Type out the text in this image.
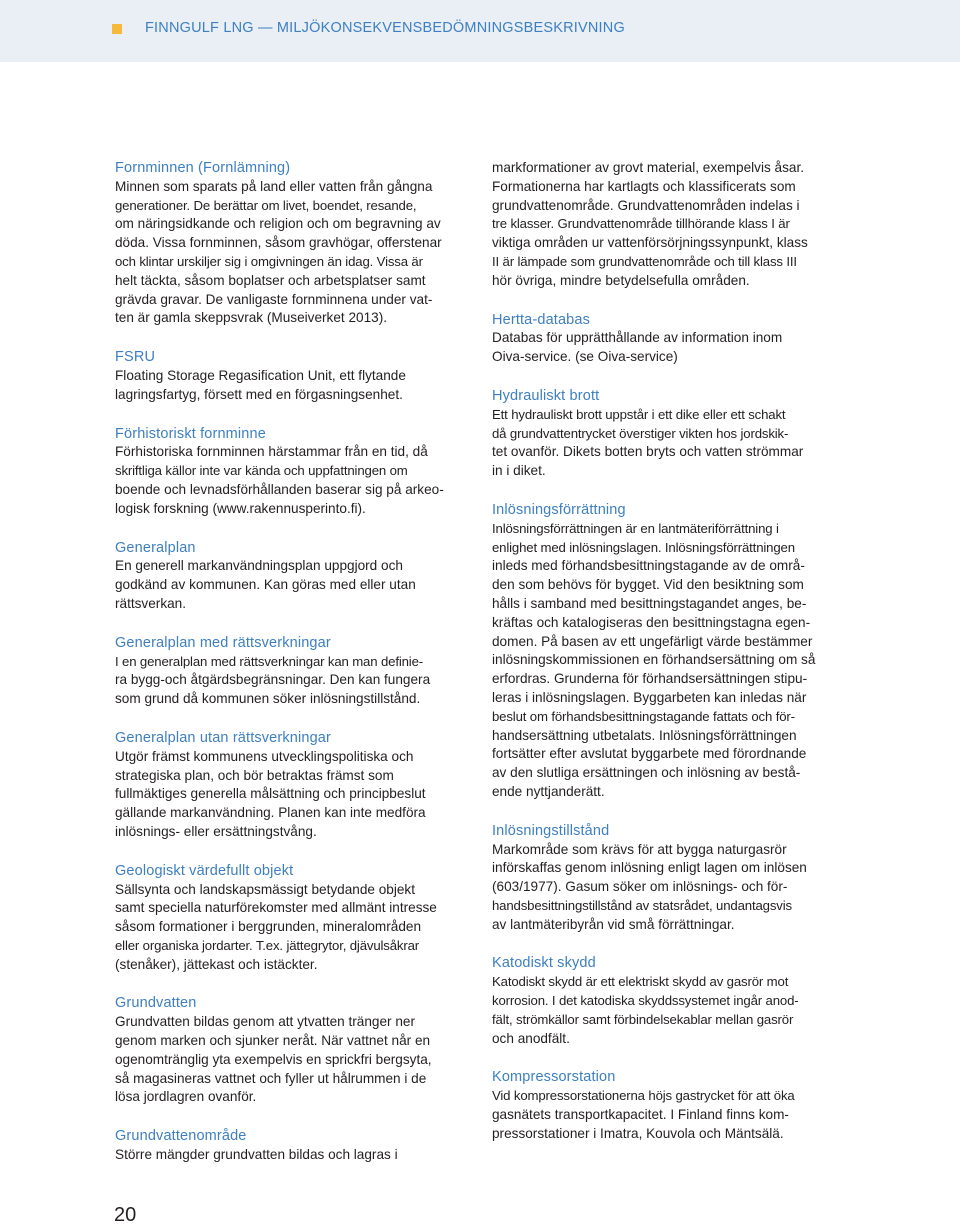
FINNGULF LNG — MILJÖKONSEKVENSBEDÖMNINGSBESKRIVNING
Fornminnen (Fornlämning)
Minnen som sparats på land eller vatten från gångna
generationer. De berättar om livet, boendet, resande,
om näringsidkande och religion och om begravning av
döda. Vissa fornminnen, såsom gravhögar, offerstenar
och klintar urskiljer sig i omgivningen än idag. Vissa är
helt täckta, såsom boplatser och arbetsplatser samt
grävda gravar. De vanligaste fornminnena under vat-
ten är gamla skeppsvrak (Museiverket 2013).
FSRU
Floating Storage Regasification Unit, ett flytande
lagringsfartyg, försett med en förgasningsenhet.
Förhistoriskt fornminne
Förhistoriska fornminnen härstammar från en tid, då
skriftliga källor inte var kända och uppfattningen om
boende och levnadsförhållanden baserar sig på arkeo-
logisk forskning (www.rakennusperinto.fi).
Generalplan
En generell markanvändningsplan uppgjord och
godkänd av kommunen. Kan göras med eller utan
rättsverkan.
Generalplan med rättsverkningar
I en generalplan med rättsverkningar kan man definie-
ra bygg-och åtgärdsbegränsningar. Den kan fungera
som grund då kommunen söker inlösningstillstånd.
Generalplan utan rättsverkningar
Utgör främst kommunens utvecklingspolitiska och
strategiska plan, och bör betraktas främst som
fullmäktiges generella målsättning och principbeslut
gällande markanvändning. Planen kan inte medföra
inlösnings- eller ersättningstvång.
Geologiskt värdefullt objekt
Sällsynta och landskapsmässigt betydande objekt
samt speciella naturförekomster med allmänt intresse
såsom formationer i berggrunden, mineralområden
eller organiska jordarter. T.ex. jättegrytor, djävulsåkrar
(stenåker), jättekast och istäckter.
Grundvatten
Grundvatten bildas genom att ytvatten tränger ner
genom marken och sjunker neråt. När vattnet når en
ogenomtränglig yta exempelvis en sprickfri bergsyta,
så magasineras vattnet och fyller ut hålrummen i de
lösa jordlagren ovanför.
Grundvattenområde
Större mängder grundvatten bildas och lagras i
markformationer av grovt material, exempelvis åsar.
Formationerna har kartlagts och klassificerats som
grundvattenområde. Grundvattenområden indelas i
tre klasser. Grundvattenområde tillhörande klass I är
viktiga områden ur vattenförsörjningssynpunkt, klass
II är lämpade som grundvattenområde och till klass III
hör övriga, mindre betydelsefulla områden.
Hertta-databas
Databas för upprätthållande av information inom
Oiva-service. (se Oiva-service)
Hydrauliskt brott
Ett hydrauliskt brott uppstår i ett dike eller ett schakt
då grundvattentrycket överstiger vikten hos jordskik-
tet ovanför. Dikets botten bryts och vatten strömmar
in i diket.
Inlösningsförrättning
Inlösningsförrättningen är en lantmäteriförrättning i
enlighet med inlösningslagen. Inlösningsförrättningen
inleds med förhandsbesittningstagande av de områ-
den som behövs för bygget. Vid den besiktning som
hålls i samband med besittningstagandet anges, be-
kräftas och katalogiseras den besittningstagna egen-
domen. På basen av ett ungefärligt värde bestämmer
inlösningskommissionen en förhandsersättning om så
erfordras. Grunderna för förhandsersättningen stipu-
leras i inlösningslagen. Byggarbeten kan inledas när
beslut om förhandsbesittningstagande fattats och för-
handsersättning utbetalats. Inlösningsförrättningen
fortsätter efter avslutat byggarbete med förordnande
av den slutliga ersättningen och inlösning av bestå-
ende nyttjanderätt.
Inlösningstillstånd
Markområde som krävs för att bygga naturgasrör
införskaffas genom inlösning enligt lagen om inlösen
(603/1977). Gasum söker om inlösnings- och för-
handsbesittningstillstånd av statsrådet, undantagsvis
av lantmäteribyrån vid små förrättningar.
Katodiskt skydd
Katodiskt skydd är ett elektriskt skydd av gasrör mot
korrosion. I det katodiska skyddssystemet ingår anod-
fält, strömkällor samt förbindelsekablar mellan gasrör
och anodfält.
Kompressorstation
Vid kompressorstationerna höjs gastrycket för att öka
gasnätets transportkapacitet. I Finland finns kom-
pressorstationer i Imatra, Kouvola och Mäntsälä.
20
